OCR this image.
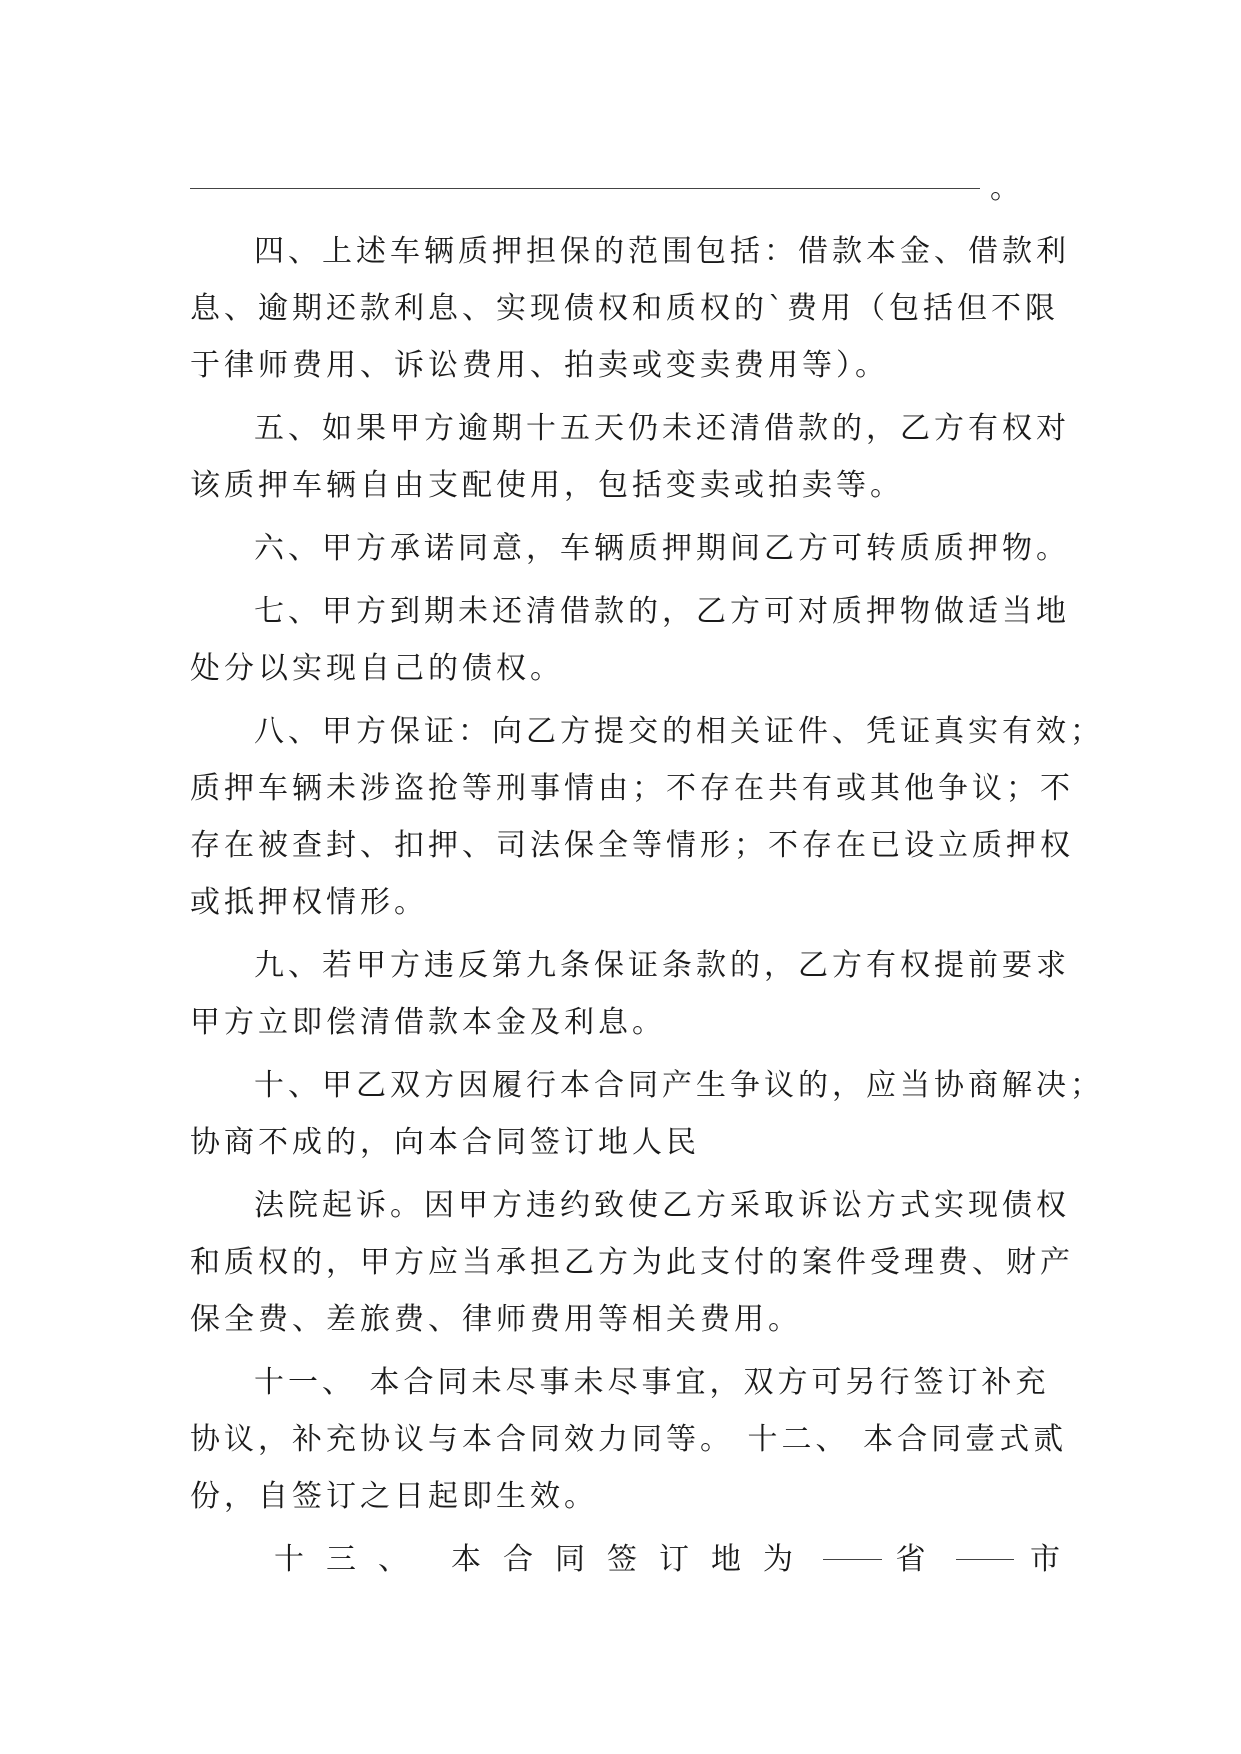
。
四、上述车辆质押担保的范围包括：借款本金、借款利
息、逾期还款利息、实现债权和质权的`费用（包括但不限
于律师费用、诉讼费用、拍卖或变卖费用等）。
五、如果甲方逾期十五天仍未还清借款的，乙方有权对
该质押车辆自由支配使用，包括变卖或拍卖等。
六、甲方承诺同意，车辆质押期间乙方可转质质押物。
七、甲方到期未还清借款的，乙方可对质押物做适当地
处分以实现自己的债权。
八、甲方保证：向乙方提交的相关证件、凭证真实有效；
质押车辆未涉盗抢等刑事情由；不存在共有或其他争议；不
存在被查封、扣押、司法保全等情形；不存在已设立质押权
或抵押权情形。
九、若甲方违反第九条保证条款的，乙方有权提前要求
甲方立即偿清借款本金及利息。
十、甲乙双方因履行本合同产生争议的，应当协商解决；
协商不成的，向本合同签订地人民
法院起诉。因甲方违约致使乙方采取诉讼方式实现债权
和质权的，甲方应当承担乙方为此支付的案件受理费、财产
保全费、差旅费、律师费用等相关费用。
十一、 本合同未尽事未尽事宜，双方可另行签订补充
协议，补充协议与本合同效力同等。 十二、 本合同壹式贰
份，自签订之日起即生效。
十三、 本合同签订地为	省	市
